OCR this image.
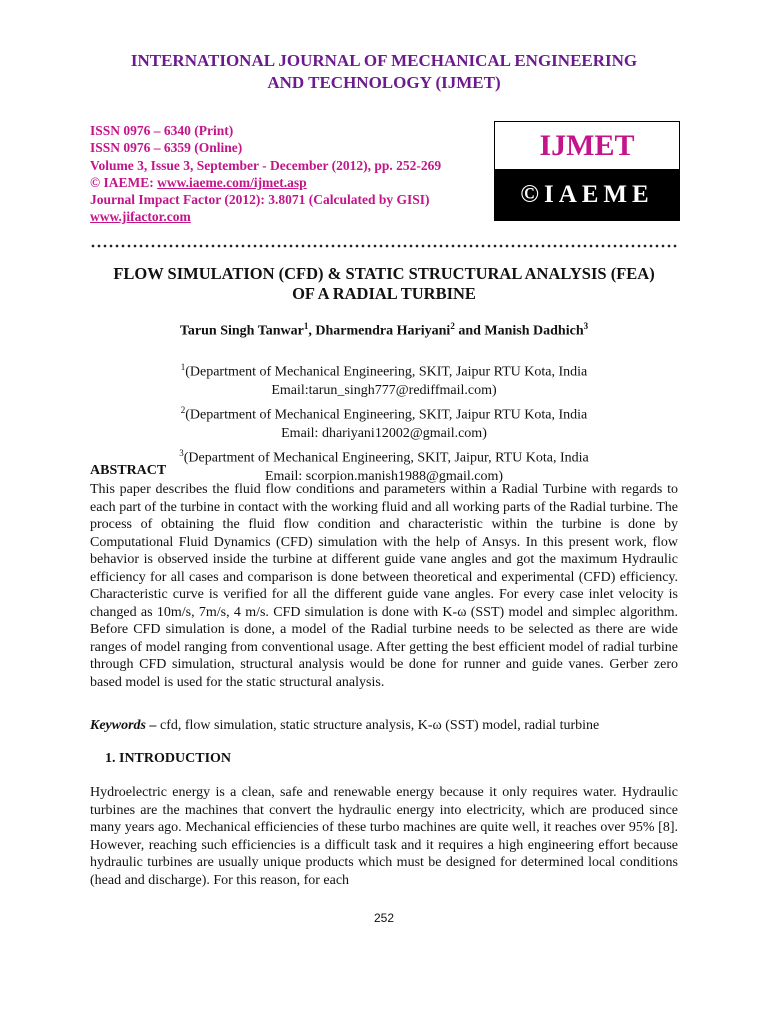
INTERNATIONAL JOURNAL OF MECHANICAL ENGINEERING
AND TECHNOLOGY (IJMET)
ISSN 0976 – 6340 (Print)
ISSN 0976 – 6359 (Online)
Volume 3, Issue 3, September - December (2012), pp. 252-269
© IAEME: www.iaeme.com/ijmet.asp
Journal Impact Factor (2012): 3.8071 (Calculated by GISI)
www.jifactor.com
IJMET
©IAEME
FLOW SIMULATION (CFD) & STATIC STRUCTURAL ANALYSIS (FEA)
OF A RADIAL TURBINE
Tarun Singh Tanwar$^1$, Dharmendra Hariyani$^2$ and Manish Dadhich$^3$
$^1$(Department of Mechanical Engineering, SKIT, Jaipur RTU Kota, India
Email:tarun_singh777@rediffmail.com)
$^2$(Department of Mechanical Engineering, SKIT, Jaipur RTU Kota, India
Email: dhariyani12002@gmail.com)
$^3$(Department of Mechanical Engineering, SKIT, Jaipur, RTU Kota, India
Email: scorpion.manish1988@gmail.com)
ABSTRACT
This paper describes the fluid flow conditions and parameters within a Radial Turbine with regards to each part of the turbine in contact with the working fluid and all working parts of the Radial turbine. The process of obtaining the fluid flow condition and characteristic within the turbine is done by Computational Fluid Dynamics (CFD) simulation with the help of Ansys. In this present work, flow behavior is observed inside the turbine at different guide vane angles and got the maximum Hydraulic efficiency for all cases and comparison is done between theoretical and experimental (CFD) efficiency. Characteristic curve is verified for all the different guide vane angles. For every case inlet velocity is changed as 10m/s, 7m/s, 4 m/s. CFD simulation is done with K-ω (SST) model and simplec algorithm. Before CFD simulation is done, a model of the Radial turbine needs to be selected as there are wide ranges of model ranging from conventional usage. After getting the best efficient model of radial turbine through CFD simulation, structural analysis would be done for runner and guide vanes. Gerber zero based model is used for the static structural analysis.
Keywords – cfd, flow simulation, static structure analysis, K-ω (SST) model, radial turbine
1. INTRODUCTION
Hydroelectric energy is a clean, safe and renewable energy because it only requires water. Hydraulic turbines are the machines that convert the hydraulic energy into electricity, which are produced since many years ago. Mechanical efficiencies of these turbo machines are quite well, it reaches over 95% [8]. However, reaching such efficiencies is a difficult task and it requires a high engineering effort because hydraulic turbines are usually unique products which must be designed for determined local conditions (head and discharge). For this reason, for each
252
